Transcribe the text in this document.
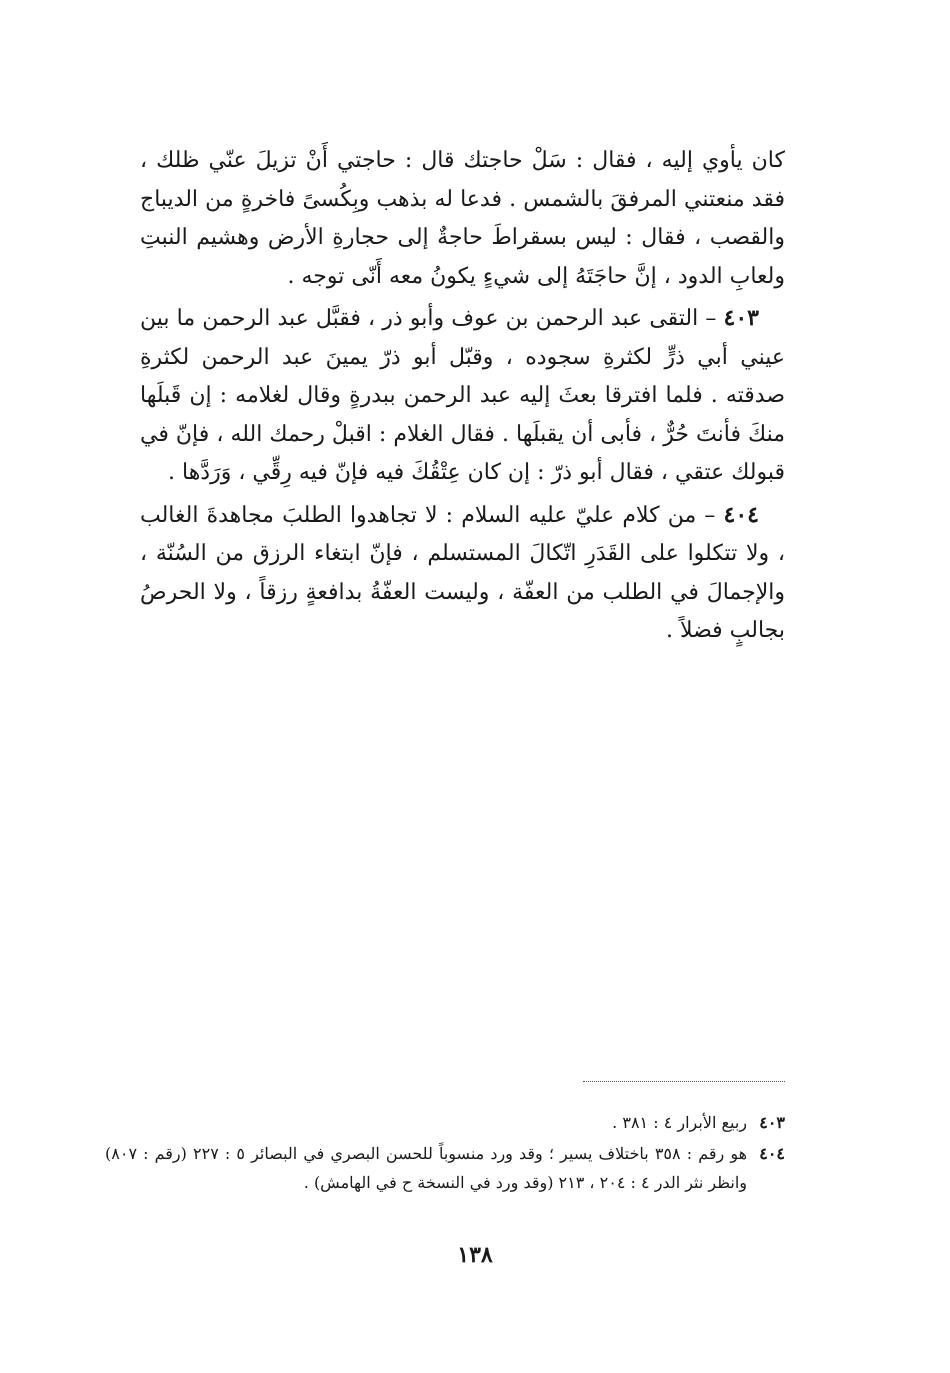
كان يأوي إليه ، فقال : سَلْ حاجتك قال : حاجتي أَنْ تزيلَ عنّي ظلك ، فقد منعتني المرفقَ بالشمس . فدعا له بذهب وبِكُسىً فاخرةٍ من الديباج والقصب ، فقال : ليس بسقراطَ حاجةٌ إلى حجارةِ الأرض وهشيم النبتِ ولعابِ الدود ، إنَّ حاجَتَهُ إلى شيءٍ يكونُ معه أَنّى توجه .

٤٠٣ – التقى عبد الرحمن بن عوف وأبو ذر ، فقبَّل عبد الرحمن ما بين عيني أبي ذرٍّ لكثرةِ سجوده ، وقبّل أبو ذرّ يمينَ عبد الرحمن لكثرةِ صدقته . فلما افترقا بعثَ إليه عبد الرحمن ببدرةٍ وقال لغلامه : إن قَبلَها منكَ فأنتَ حُرٌّ ، فأبى أن يقبلَها . فقال الغلام : اقبلْ رحمك الله ، فإنّ في قبولك عتقي ، فقال أبو ذرّ : إن كان عِتْقُكَ فيه فإنّ فيه رِقِّي ، وَرَدَّها .

٤٠٤ – من كلام عليّ عليه السلام : لا تجاهدوا الطلبَ مجاهدةَ الغالب ، ولا تتكلوا على القَدَرِ اتّكالَ المستسلم ، فإنّ ابتغاء الرزق من السُنّة ، والإجمالَ في الطلب من العفّة ، وليست العفّةُ بدافعةٍ رزقاً ، ولا الحرصُ بجالبٍ فضلاً .

٤٠٣
ربيع الأبرار ٤ : ٣٨١ .
٤٠٤
هو رقم : ٣٥٨ باختلاف يسير ؛ وقد ورد منسوباً للحسن البصري في البصائر ٥ : ٢٢٧ (رقم : ٨٠٧) وانظر نثر الدر ٤ : ٢٠٤ ، ٢١٣ (وقد ورد في النسخة ح في الهامش) .
١٣٨
